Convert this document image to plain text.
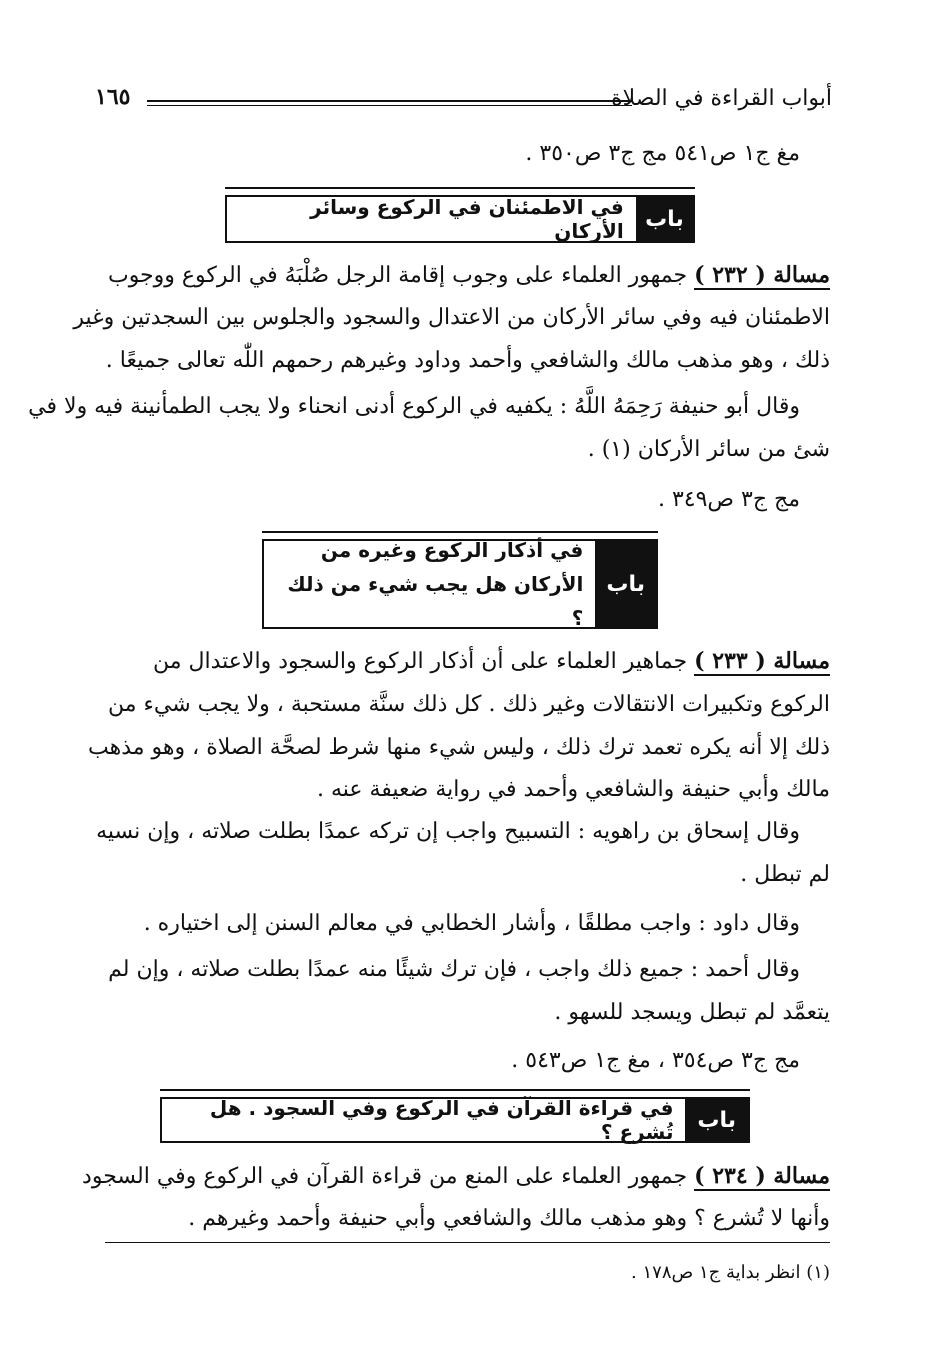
أبواب القراءة في الصلاة
١٦٥
مغ ج١ ص٥٤١ مج ج٣ ص٣٥٠ .
باب
في الاطمئنان في الركوع وسائر الأركان
مسالة ( ٢٣٢ ) جمهور العلماء على وجوب إقامة الرجل صُلْبَهُ في الركوع ووجوب
الاطمئنان فيه وفي سائر الأركان من الاعتدال والسجود والجلوس بين السجدتين وغير
ذلك ، وهو مذهب مالك والشافعي وأحمد وداود وغيرهم رحمهم اللّٰه تعالى جميعًا .
وقال أبو حنيفة رَحِمَهُ اللَّهُ : يكفيه في الركوع أدنى انحناء ولا يجب الطمأنينة فيه ولا في
شئ من سائر الأركان (١) .
مج ج٣ ص٣٤٩ .
باب
في أذكار الركوع وغيره من
الأركان هل يجب شيء من ذلك ؟
مسالة ( ٢٣٣ ) جماهير العلماء على أن أذكار الركوع والسجود والاعتدال من
الركوع وتكبيرات الانتقالات وغير ذلك . كل ذلك سنَّة مستحبة ، ولا يجب شيء من
ذلك إلا أنه يكره تعمد ترك ذلك ، وليس شيء منها شرط لصحَّة الصلاة ، وهو مذهب
مالك وأبي حنيفة والشافعي وأحمد في رواية ضعيفة عنه .
وقال إسحاق بن راهويه : التسبيح واجب إن تركه عمدًا بطلت صلاته ، وإن نسيه
لم تبطل .
وقال داود : واجب مطلقًا ، وأشار الخطابي في معالم السنن إلى اختياره .
وقال أحمد : جميع ذلك واجب ، فإن ترك شيئًا منه عمدًا بطلت صلاته ، وإن لم
يتعمَّد لم تبطل ويسجد للسهو .
مج ج٣ ص٣٥٤ ، مغ ج١ ص٥٤٣ .
باب
في قراءة القرآن في الركوع وفي السجود . هل تُشرع ؟
مسالة ( ٢٣٤ ) جمهور العلماء على المنع من قراءة القرآن في الركوع وفي السجود
وأنها لا تُشرع ؟ وهو مذهب مالك والشافعي وأبي حنيفة وأحمد وغيرهم .
(١) انظر بداية ج١ ص١٧٨ .
